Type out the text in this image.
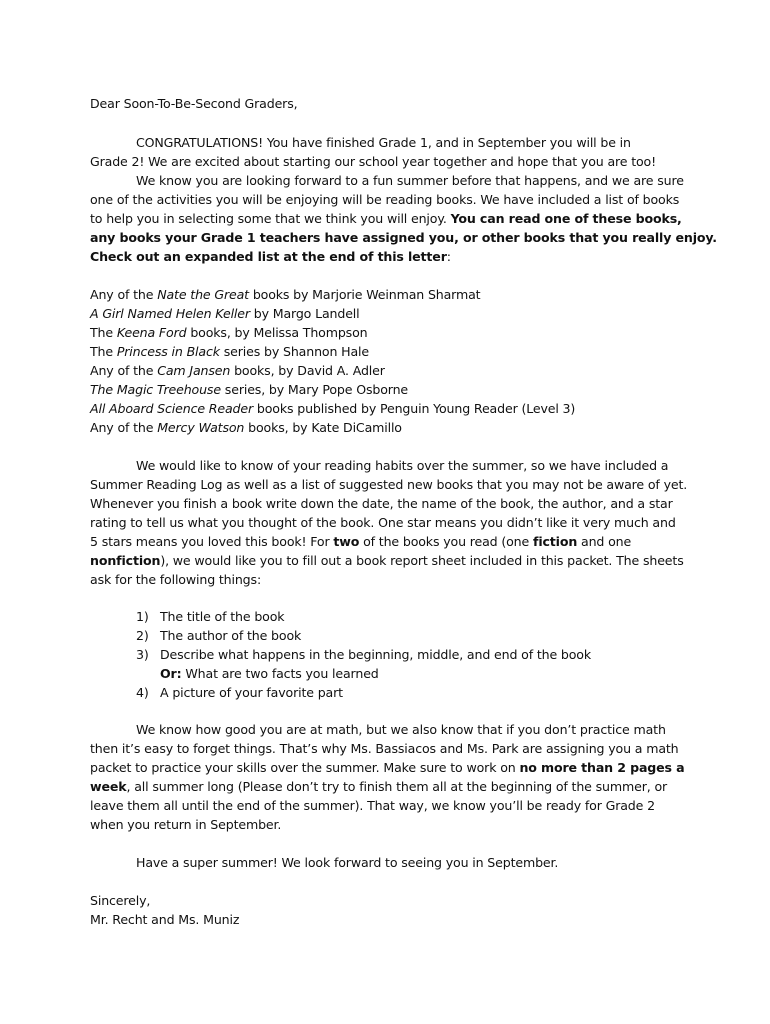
Dear Soon-To-Be-Second Graders,
CONGRATULATIONS! You have finished Grade 1, and in September you will be in
Grade 2! We are excited about starting our school year together and hope that you are too!
We know you are looking forward to a fun summer before that happens, and we are sure
one of the activities you will be enjoying will be reading books. We have included a list of books
to help you in selecting some that we think you will enjoy. You can read one of these books,
any books your Grade 1 teachers have assigned you, or other books that you really enjoy.
Check out an expanded list at the end of this letter:
Any of the Nate the Great books by Marjorie Weinman Sharmat
A Girl Named Helen Keller by Margo Landell
The Keena Ford books, by Melissa Thompson
The Princess in Black series by Shannon Hale
Any of the Cam Jansen books, by David A. Adler
The Magic Treehouse series, by Mary Pope Osborne
All Aboard Science Reader books published by Penguin Young Reader (Level 3)
Any of the Mercy Watson books, by Kate DiCamillo
We would like to know of your reading habits over the summer, so we have included a
Summer Reading Log as well as a list of suggested new books that you may not be aware of yet.
Whenever you finish a book write down the date, the name of the book, the author, and a star
rating to tell us what you thought of the book. One star means you didn’t like it very much and
5 stars means you loved this book! For two of the books you read (one fiction and one
nonfiction), we would like you to fill out a book report sheet included in this packet. The sheets
ask for the following things:
1) The title of the book
2) The author of the book
3) Describe what happens in the beginning, middle, and end of the book
Or: What are two facts you learned
4) A picture of your favorite part
We know how good you are at math, but we also know that if you don’t practice math
then it’s easy to forget things. That’s why Ms. Bassiacos and Ms. Park are assigning you a math
packet to practice your skills over the summer. Make sure to work on no more than 2 pages a
week, all summer long (Please don’t try to finish them all at the beginning of the summer, or
leave them all until the end of the summer). That way, we know you’ll be ready for Grade 2
when you return in September.
Have a super summer! We look forward to seeing you in September.
Sincerely,
Mr. Recht and Ms. Muniz
